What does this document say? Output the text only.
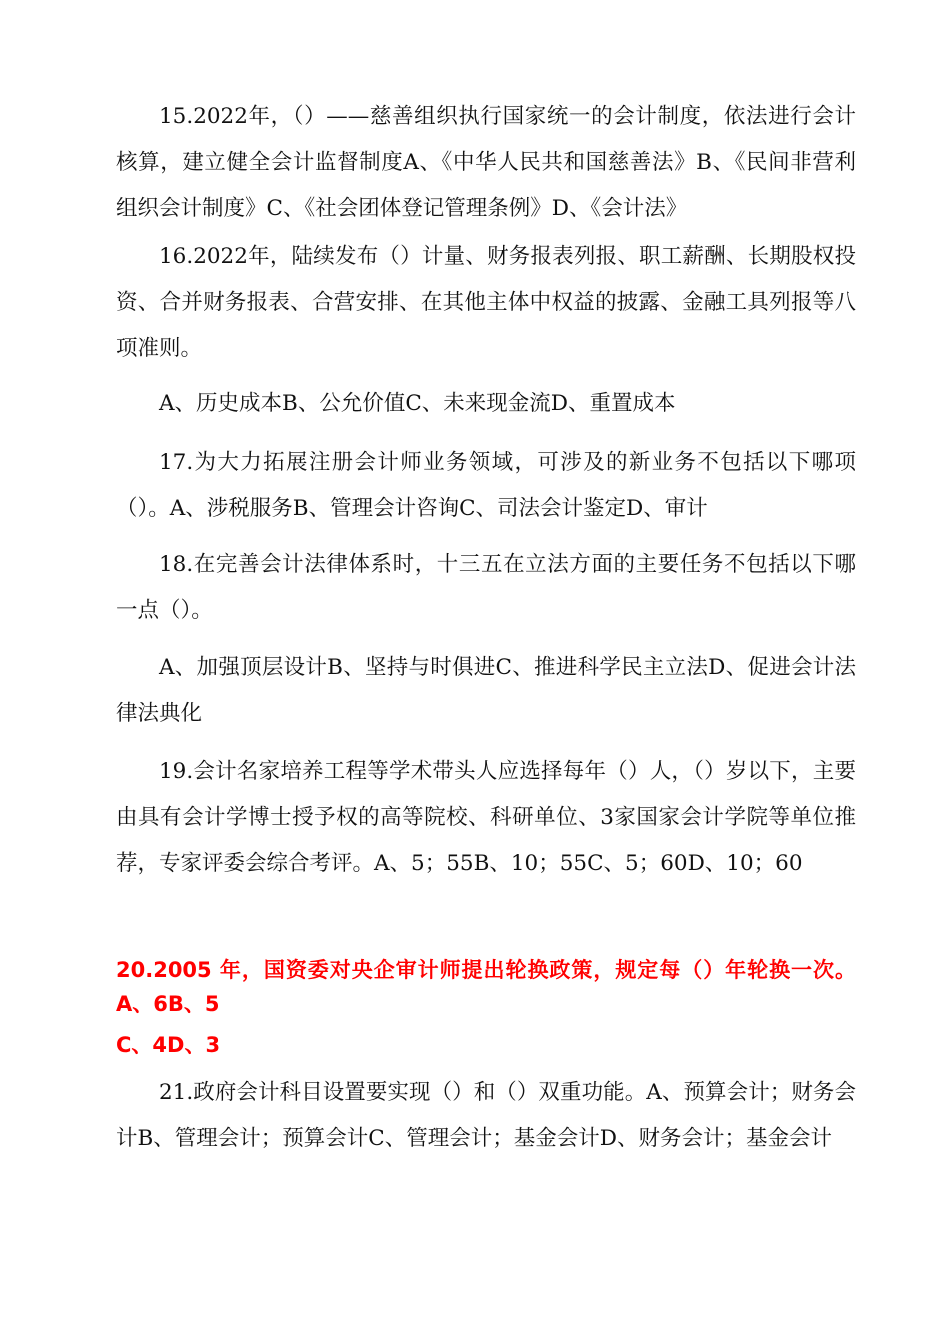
15.2022年，（）——慈善组织执行国家统一的会计制度，依法进行会计核算，建立健全会计监督制度A、《中华人民共和国慈善法》B、《民间非营利组织会计制度》C、《社会团体登记管理条例》D、《会计法》

16.2022年，陆续发布（）计量、财务报表列报、职工薪酬、长期股权投资、合并财务报表、合营安排、在其他主体中权益的披露、金融工具列报等八项准则。

A、历史成本B、公允价值C、未来现金流D、重置成本

17.为大力拓展注册会计师业务领域，可涉及的新业务不包括以下哪项（）。A、涉税服务B、管理会计咨询C、司法会计鉴定D、审计

18.在完善会计法律体系时，十三五在立法方面的主要任务不包括以下哪一点（）。

A、加强顶层设计B、坚持与时俱进C、推进科学民主立法D、促进会计法律法典化

19.会计名家培养工程等学术带头人应选择每年（）人，（）岁以下，主要由具有会计学博士授予权的高等院校、科研单位、3家国家会计学院等单位推荐，专家评委会综合考评。A、5；55B、10；55C、5；60D、10；60

20.2005 年，国资委对央企审计师提出轮换政策，规定每（）年轮换一次。A、6B、5

C、4D、3

21.政府会计科目设置要实现（）和（）双重功能。A、预算会计；财务会计B、管理会计；预算会计C、管理会计；基金会计D、财务会计；基金会计
